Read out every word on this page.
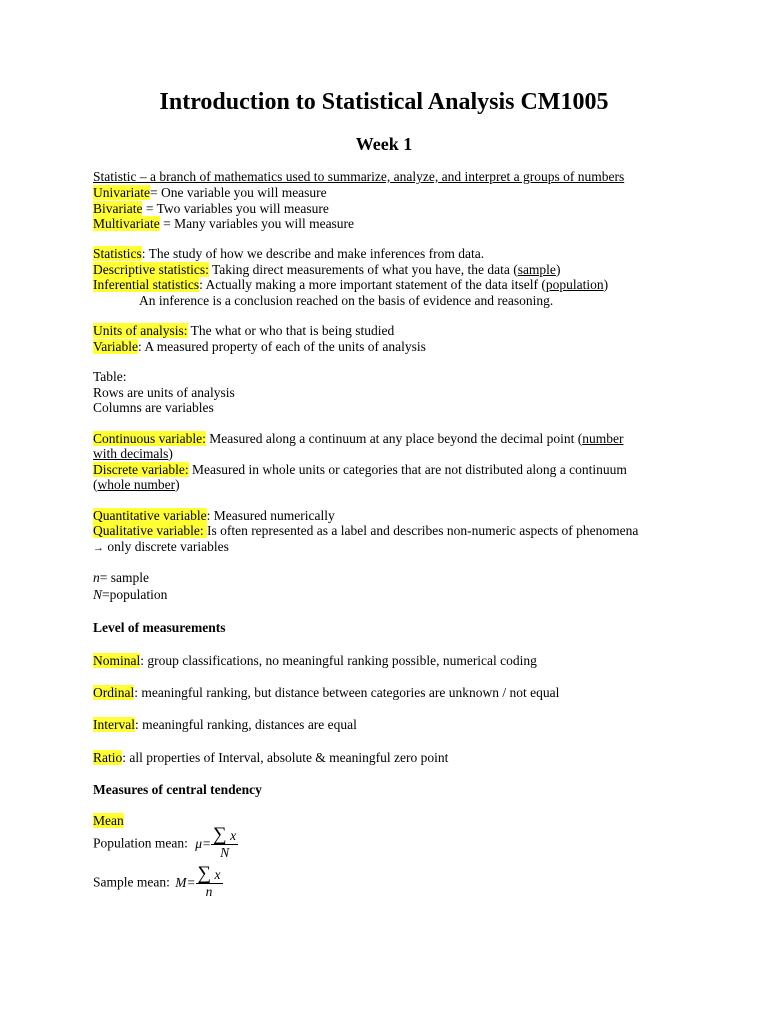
Introduction to Statistical Analysis CM1005
Week 1
Statistic – a branch of mathematics used to summarize, analyze, and interpret a groups of numbers
Univariate= One variable you will measure
Bivariate = Two variables you will measure
Multivariate = Many variables you will measure
Statistics: The study of how we describe and make inferences from data.
Descriptive statistics: Taking direct measurements of what you have, the data (sample)
Inferential statistics: Actually making a more important statement of the data itself (population)
An inference is a conclusion reached on the basis of evidence and reasoning.
Units of analysis: The what or who that is being studied
Variable: A measured property of each of the units of analysis
Table:
Rows are units of analysis
Columns are variables
Continuous variable: Measured along a continuum at any place beyond the decimal point (number
with decimals)
Discrete variable: Measured in whole units or categories that are not distributed along a continuum
(whole number)
Quantitative variable: Measured numerically
Qualitative variable: Is often represented as a label and describes non-numeric aspects of phenomena
→ only discrete variables
n= sample
N=population
Level of measurements
Nominal: group classifications, no meaningful ranking possible, numerical coding
Ordinal: meaningful ranking, but distance between categories are unknown / not equal
Interval: meaningful ranking, distances are equal
Ratio: all properties of Interval, absolute & meaningful zero point
Measures of central tendency
Mean
Population mean: $\mu= \frac{\sum x}{N}$
Sample mean: $M= \frac{\sum x}{n}$
